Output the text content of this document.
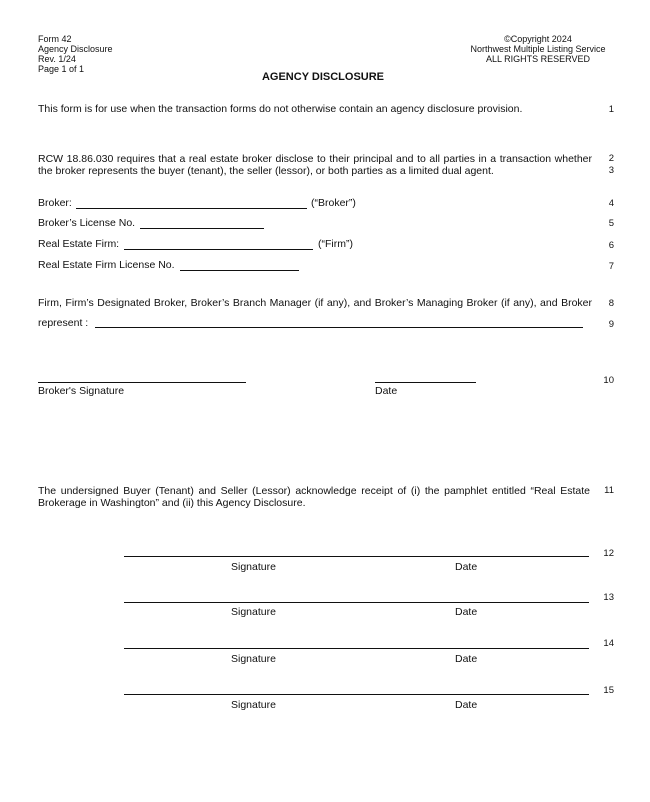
Form 42
Agency Disclosure
Rev. 1/24
Page 1 of 1
©Copyright 2024
Northwest Multiple Listing Service
ALL RIGHTS RESERVED
AGENCY DISCLOSURE
This form is for use when the transaction forms do not otherwise contain an agency disclosure provision.	1
RCW 18.86.030 requires that a real estate broker disclose to their principal and to all parties in a transaction whether
the broker represents the buyer (tenant), the seller (lessor), or both parties as a limited dual agent.
2
3
Broker:	(“Broker”)	4
Broker’s License No.	5
Real Estate Firm:	(“Firm”)	6
Real Estate Firm License No.	7
Firm, Firm’s Designated Broker, Broker’s Branch Manager (if any), and Broker’s Managing Broker (if any), and Broker	8
represent :	9
Broker's Signature	Date
10
The undersigned Buyer (Tenant) and Seller (Lessor) acknowledge receipt of (i) the pamphlet entitled “Real Estate
Brokerage in Washington” and (ii) this Agency Disclosure.
11
Signature	Date
12
Signature	Date
13
Signature	Date
14
Signature	Date
15
